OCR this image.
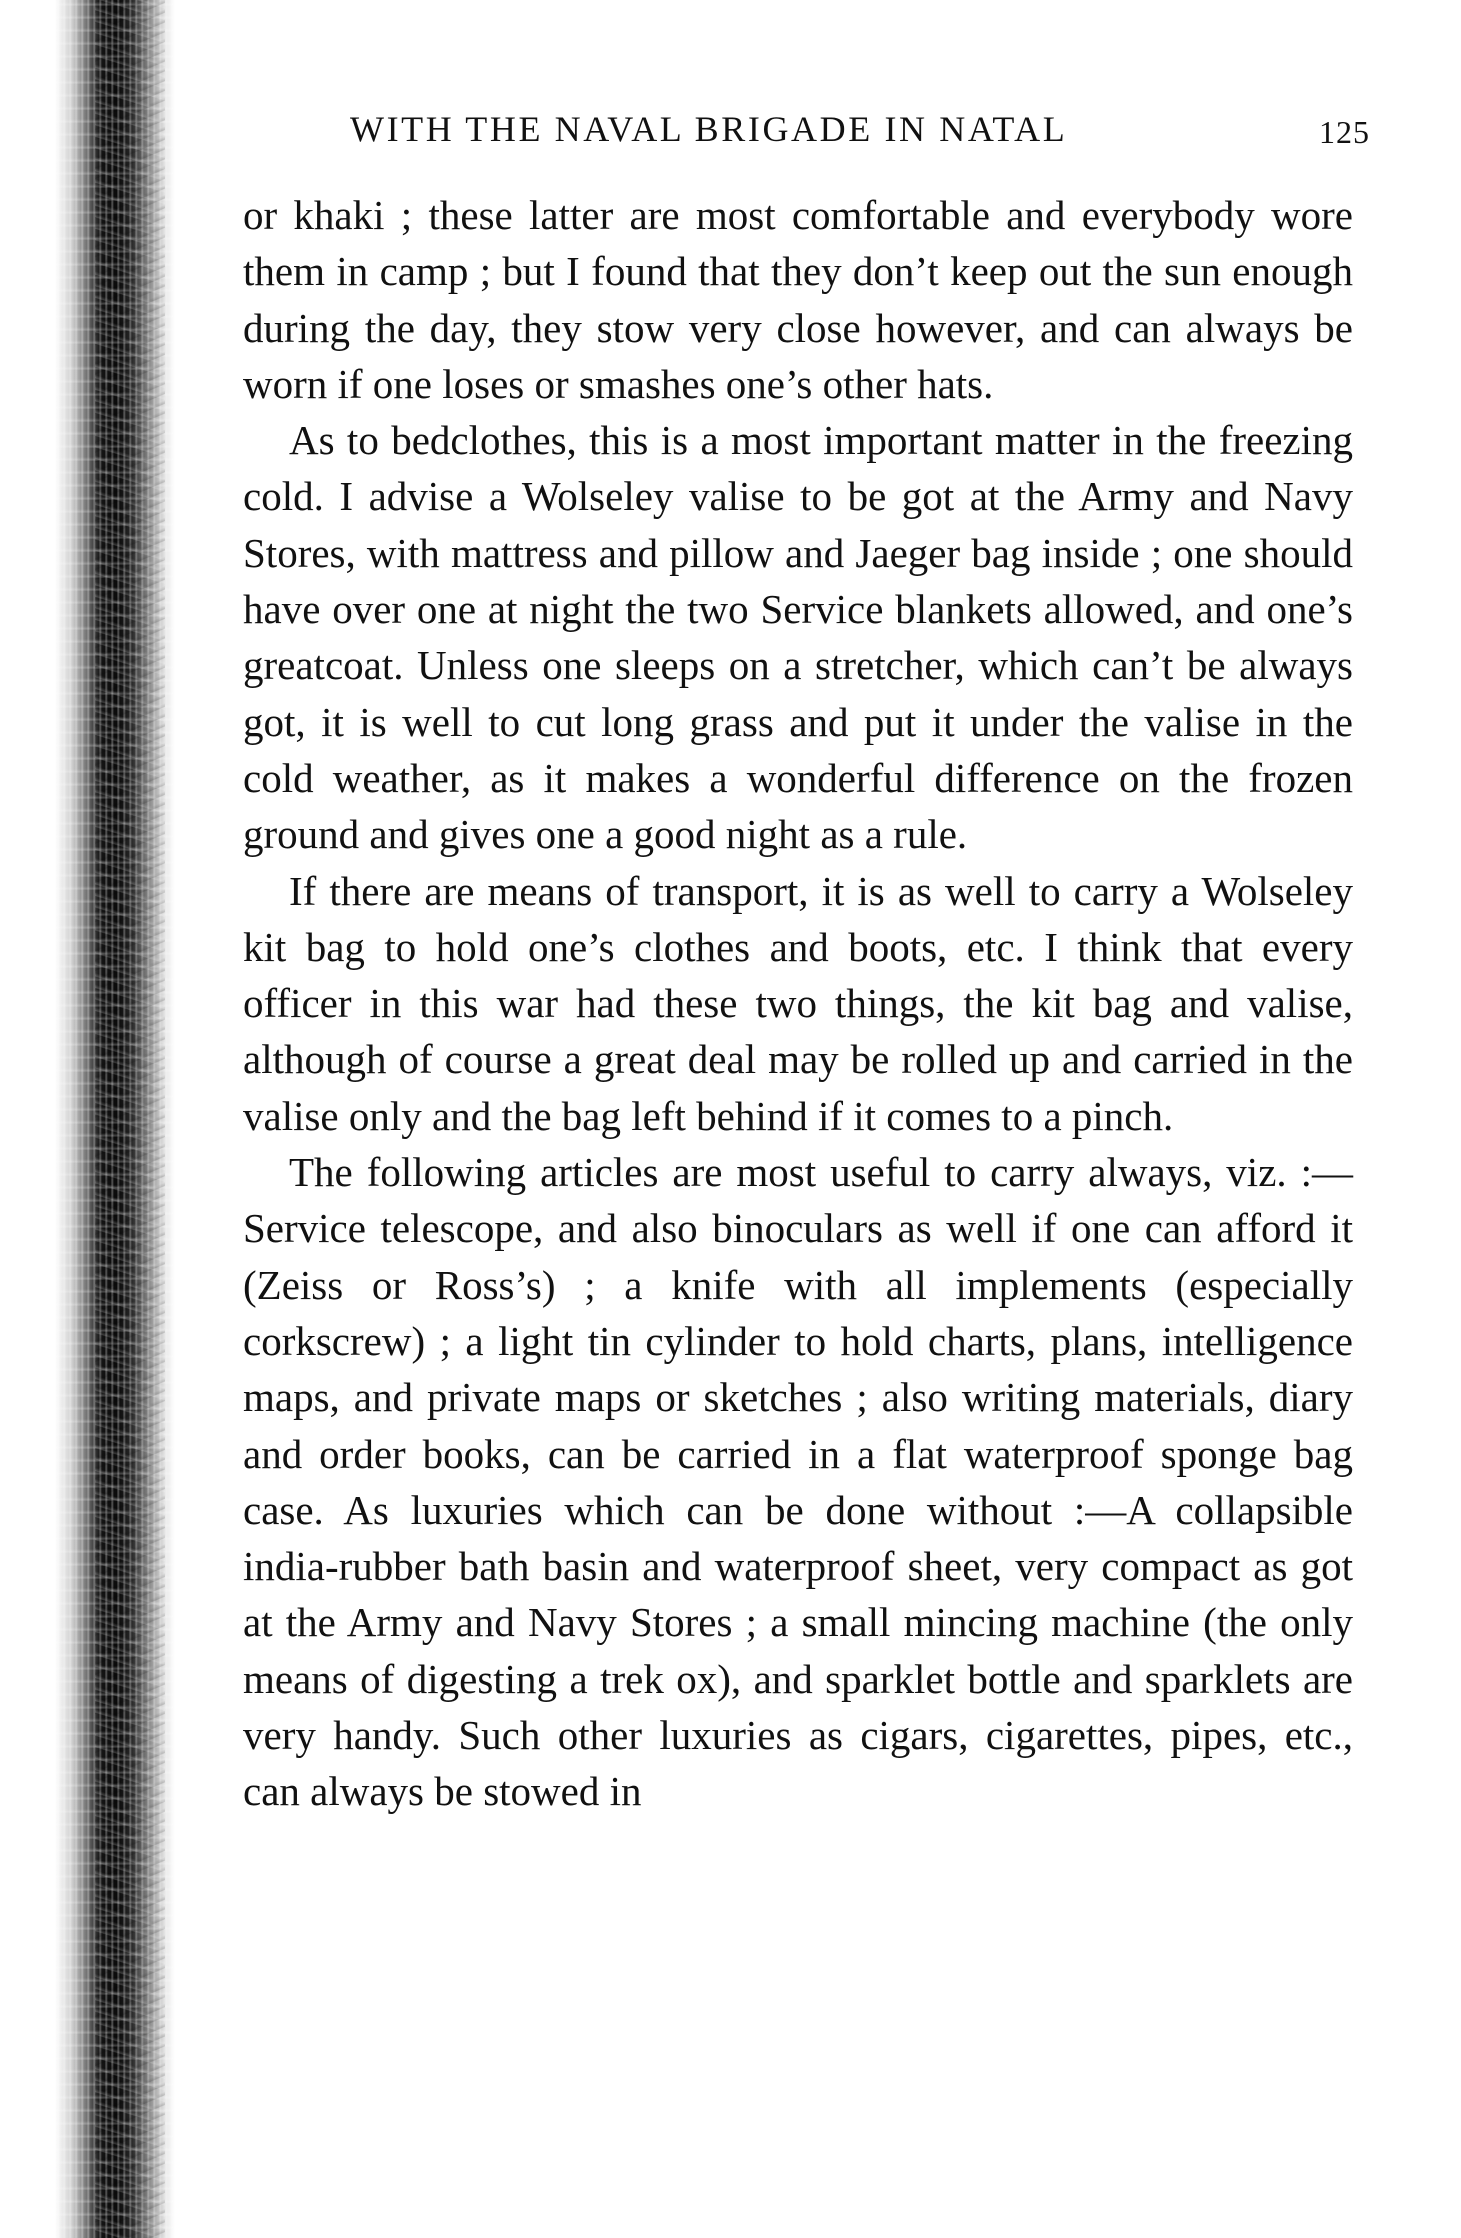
WITH THE NAVAL BRIGADE IN NATAL	125

or khaki ; these latter are most comfortable and everybody wore them in camp ; but I found that they don’t keep out the sun enough during the day, they stow very close however, and can always be worn if one loses or smashes one’s other hats.

As to bedclothes, this is a most important matter in the freezing cold. I advise a Wolseley valise to be got at the Army and Navy Stores, with mattress and pillow and Jaeger bag inside ; one should have over one at night the two Service blankets allowed, and one’s greatcoat. Unless one sleeps on a stretcher, which can’t be always got, it is well to cut long grass and put it under the valise in the cold weather, as it makes a wonderful difference on the frozen ground and gives one a good night as a rule.

If there are means of transport, it is as well to carry a Wolseley kit bag to hold one’s clothes and boots, etc. I think that every officer in this war had these two things, the kit bag and valise, although of course a great deal may be rolled up and carried in the valise only and the bag left behind if it comes to a pinch.

The following articles are most useful to carry always, viz. :—Service telescope, and also binoculars as well if one can afford it (Zeiss or Ross’s) ; a knife with all implements (especially corkscrew) ; a light tin cylinder to hold charts, plans, intelligence maps, and private maps or sketches ; also writing materials, diary and order books, can be carried in a flat waterproof sponge bag case. As luxuries which can be done without :—A collapsible india-rubber bath basin and waterproof sheet, very compact as got at the Army and Navy Stores ; a small mincing machine (the only means of digesting a trek ox), and sparklet bottle and sparklets are very handy. Such other luxuries as cigars, cigarettes, pipes, etc., can always be stowed in
